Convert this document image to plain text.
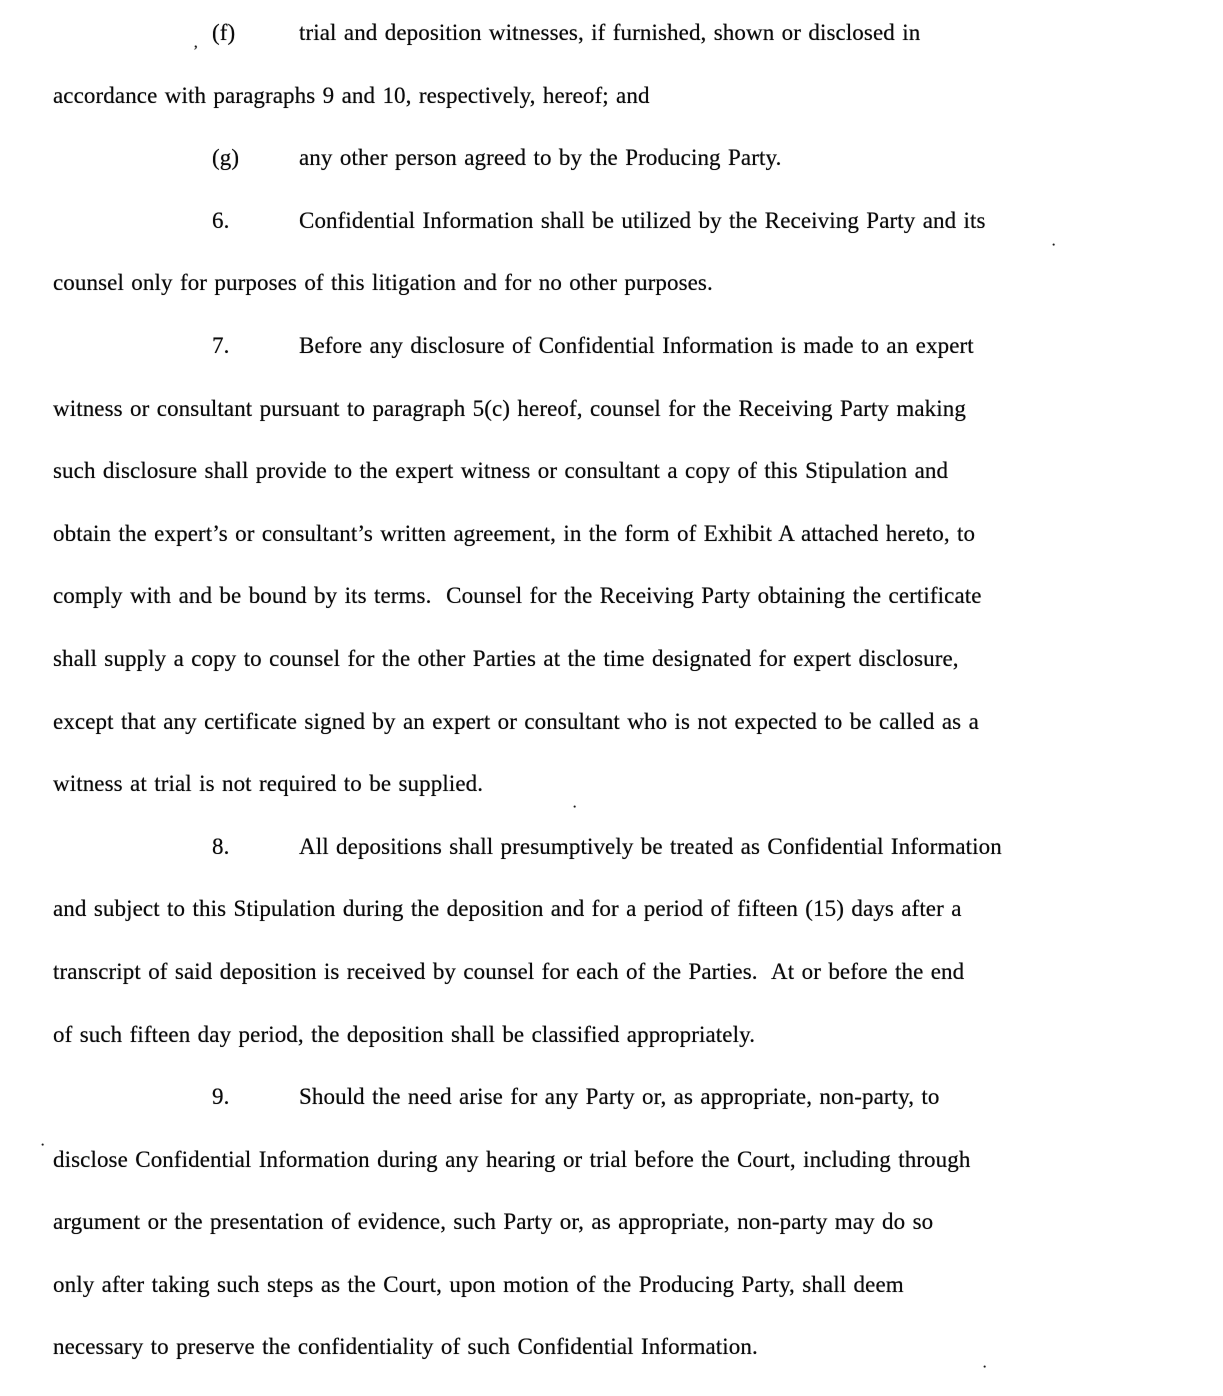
(f)

	trial and deposition witnesses, if furnished, shown or disclosed in

accordance with paragraphs 9 and 10, respectively, hereof; and

(g)

	any other person agreed to by the Producing Party.

6.

	Confidential Information shall be utilized by the Receiving Party and its

counsel only for purposes of this litigation and for no other purposes.

7.

	Before any disclosure of Confidential Information is made to an expert

witness or consultant pursuant to paragraph 5(c) hereof, counsel for the Receiving Party making

such disclosure shall provide to the expert witness or consultant a copy of this Stipulation and

obtain the expert’s or consultant’s written agreement, in the form of Exhibit A attached hereto, to

comply with and be bound by its terms.  Counsel for the Receiving Party obtaining the certificate

shall supply a copy to counsel for the other Parties at the time designated for expert disclosure,

except that any certificate signed by an expert or consultant who is not expected to be called as a

witness at trial is not required to be supplied.

8.

	All depositions shall presumptively be treated as Confidential Information

and subject to this Stipulation during the deposition and for a period of fifteen (15) days after a

transcript of said deposition is received by counsel for each of the Parties.  At or before the end

of such fifteen day period, the deposition shall be classified appropriately.

9.

	Should the need arise for any Party or, as appropriate, non-party, to

disclose Confidential Information during any hearing or trial before the Court, including through

argument or the presentation of evidence, such Party or, as appropriate, non-party may do so

only after taking such steps as the Court, upon motion of the Producing Party, shall deem

necessary to preserve the confidentiality of such Confidential Information.

’
·
·
·
·
